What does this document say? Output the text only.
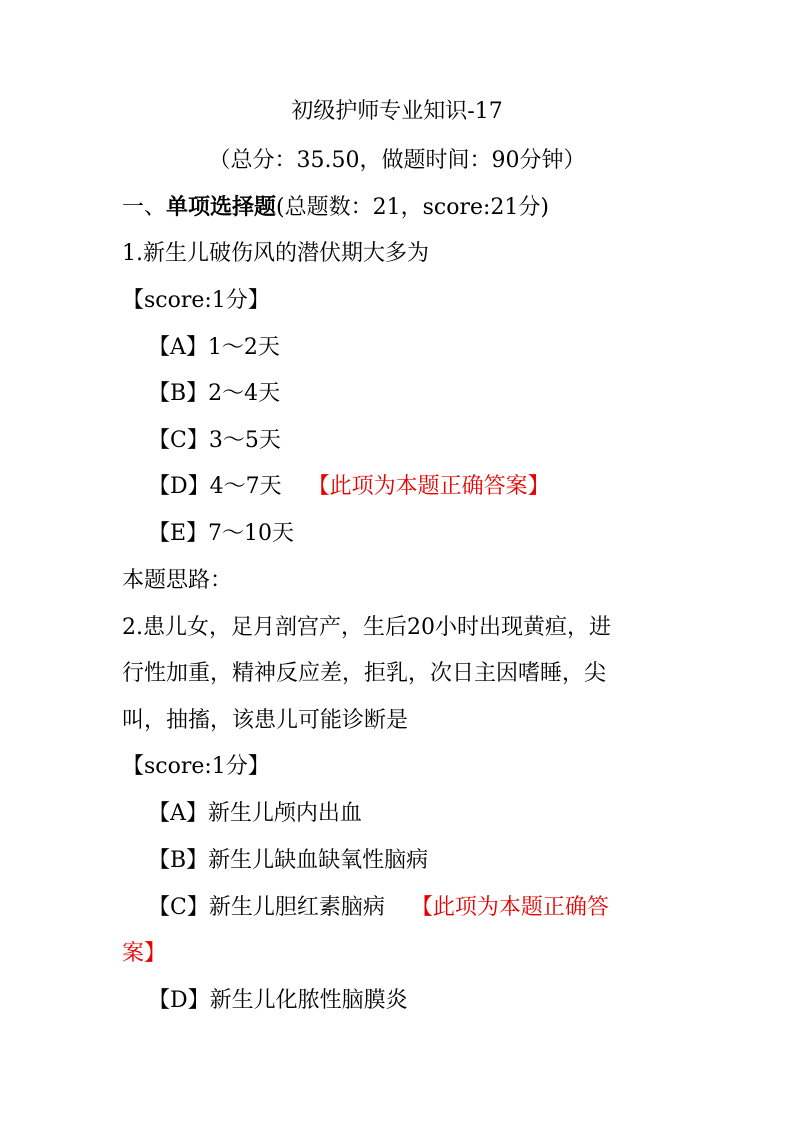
初级护师专业知识-17
（总分：35.50，做题时间：90分钟）
一、单项选择题(总题数：21，score:21分)
1.新生儿破伤风的潜伏期大多为
【score:1分】
【A】1～2天
【B】2～4天
【C】3～5天
【D】4～7天 【此项为本题正确答案】
【E】7～10天
本题思路：
2.患儿女，足月剖宫产，生后20小时出现黄疸，进
行性加重，精神反应差，拒乳，次日主因嗜睡，尖
叫，抽搐，该患儿可能诊断是
【score:1分】
【A】新生儿颅内出血
【B】新生儿缺血缺氧性脑病
【C】新生儿胆红素脑病 【此项为本题正确答
案】
【D】新生儿化脓性脑膜炎
